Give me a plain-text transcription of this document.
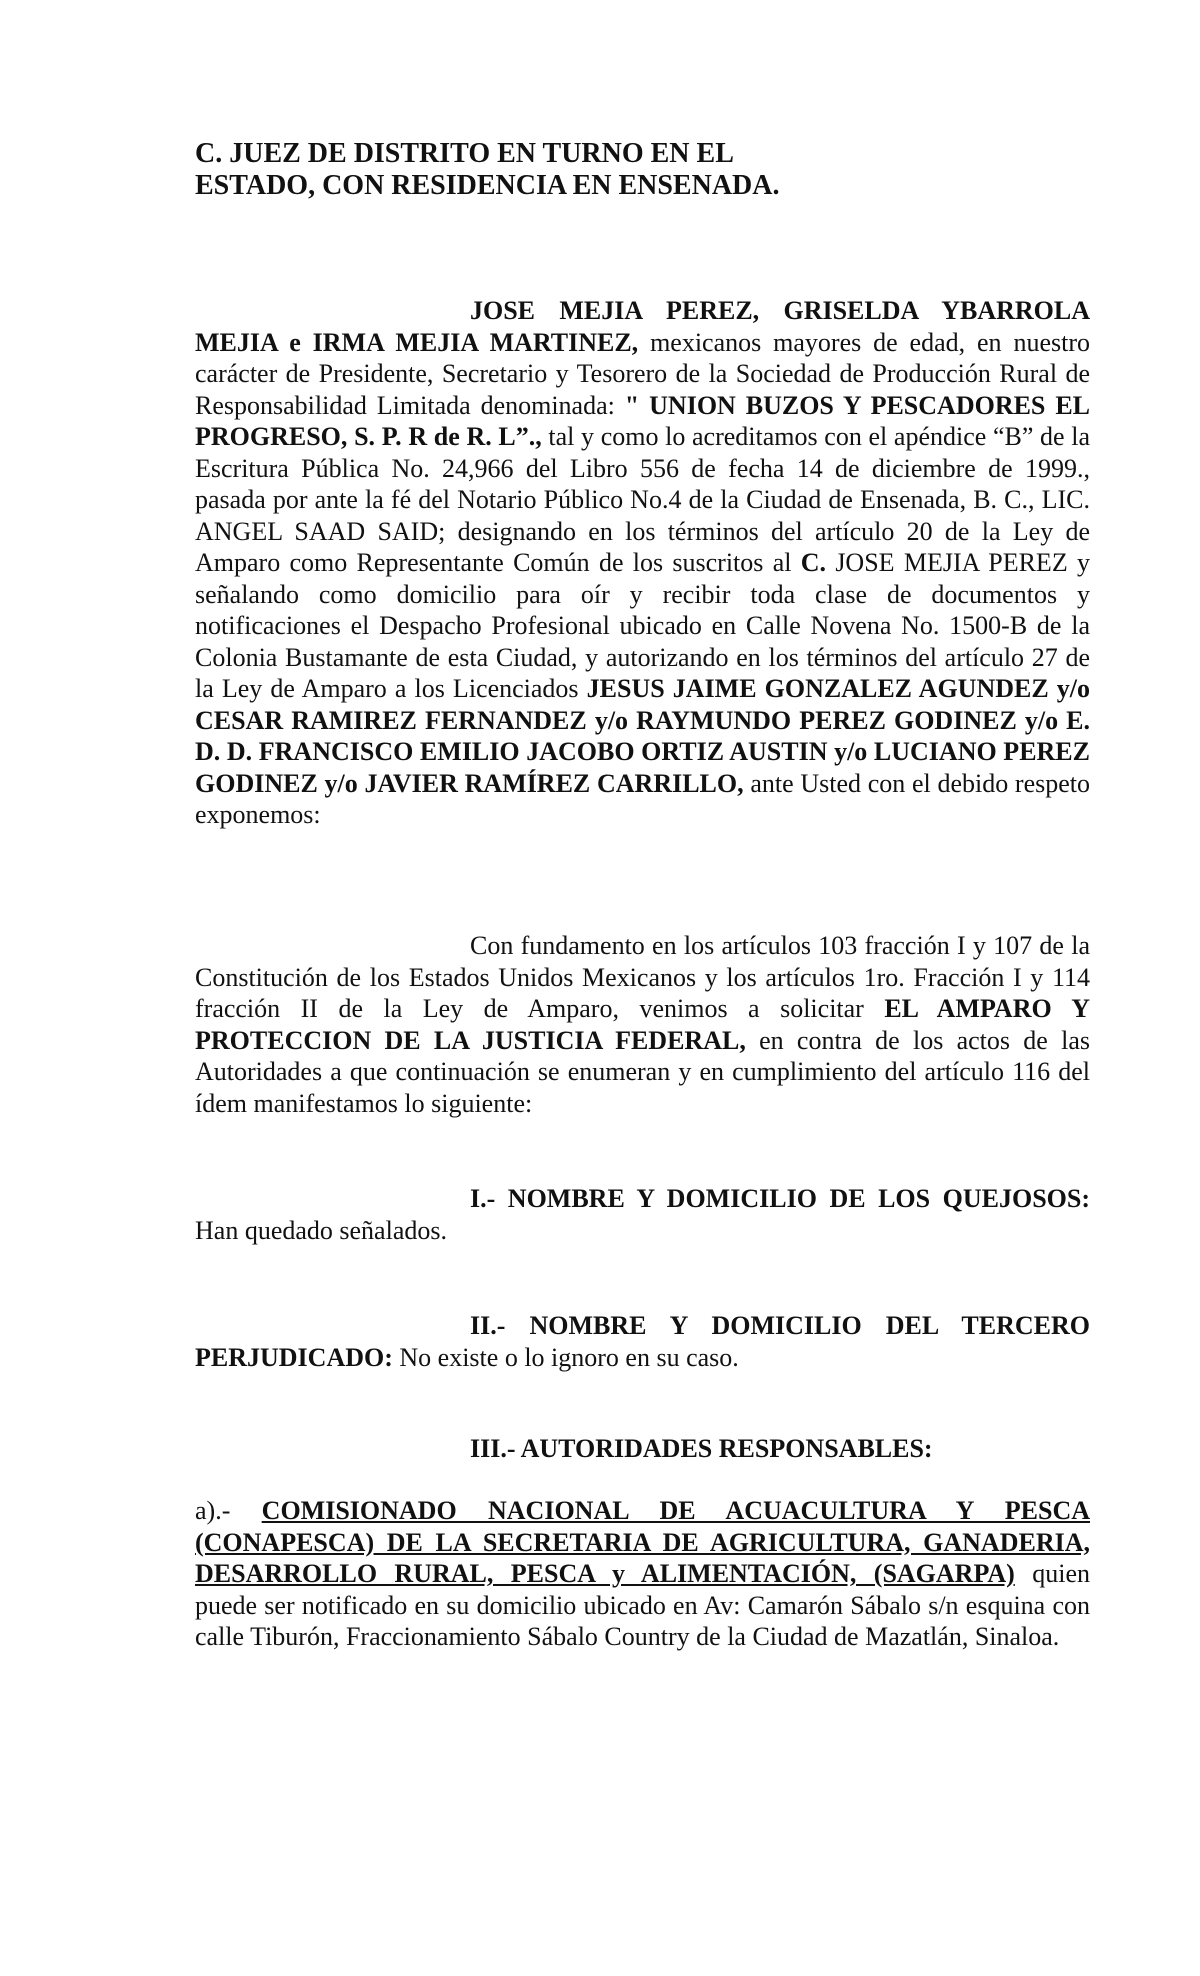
C. JUEZ DE DISTRITO EN TURNO EN EL
ESTADO, CON RESIDENCIA EN ENSENADA.

JOSE MEJIA PEREZ, GRISELDA YBARROLA MEJIA e IRMA MEJIA MARTINEZ, mexicanos mayores de edad, en nuestro carácter de Presidente, Secretario y Tesorero de la Sociedad de Producción Rural de Responsabilidad Limitada denominada: " UNION BUZOS Y PESCADORES EL PROGRESO, S. P. R de R. L”., tal y como lo acreditamos con el apéndice “B” de la Escritura Pública No. 24,966 del Libro 556 de fecha 14 de diciembre de 1999., pasada por ante la fé del Notario Público No.4 de la Ciudad de Ensenada, B. C., LIC. ANGEL SAAD SAID; designando en los términos del artículo 20 de la Ley de Amparo como Representante Común de los suscritos al C. JOSE MEJIA PEREZ y señalando como domicilio para oír y recibir toda clase de documentos y notificaciones el Despacho Profesional ubicado en Calle Novena No. 1500-B de la Colonia Bustamante de esta Ciudad, y autorizando en los términos del artículo 27 de la Ley de Amparo a los Licenciados JESUS JAIME GONZALEZ AGUNDEZ y/o CESAR RAMIREZ FERNANDEZ y/o RAYMUNDO PEREZ GODINEZ y/o E. D. D. FRANCISCO EMILIO JACOBO ORTIZ AUSTIN y/o LUCIANO PEREZ GODINEZ y/o JAVIER RAMÍREZ CARRILLO, ante Usted con el debido respeto exponemos:

Con fundamento en los artículos 103 fracción I y 107 de la Constitución de los Estados Unidos Mexicanos y los artículos 1ro. Fracción I y 114 fracción II de la Ley de Amparo, venimos a solicitar EL AMPARO Y PROTECCION DE LA JUSTICIA FEDERAL, en contra de los actos de las Autoridades a que continuación se enumeran y en cumplimiento del artículo 116 del ídem manifestamos lo siguiente:

I.- NOMBRE Y DOMICILIO DE LOS QUEJOSOS: Han quedado señalados.

II.- NOMBRE Y DOMICILIO DEL TERCERO PERJUDICADO: No existe o lo ignoro en su caso.

III.- AUTORIDADES RESPONSABLES:

a).- COMISIONADO NACIONAL DE ACUACULTURA Y PESCA (CONAPESCA) DE LA SECRETARIA DE AGRICULTURA, GANADERIA, DESARROLLO RURAL, PESCA y ALIMENTACIÓN, (SAGARPA) quien puede ser notificado en su domicilio ubicado en Av: Camarón Sábalo s/n esquina con calle Tiburón, Fraccionamiento Sábalo Country de la Ciudad de Mazatlán, Sinaloa.
